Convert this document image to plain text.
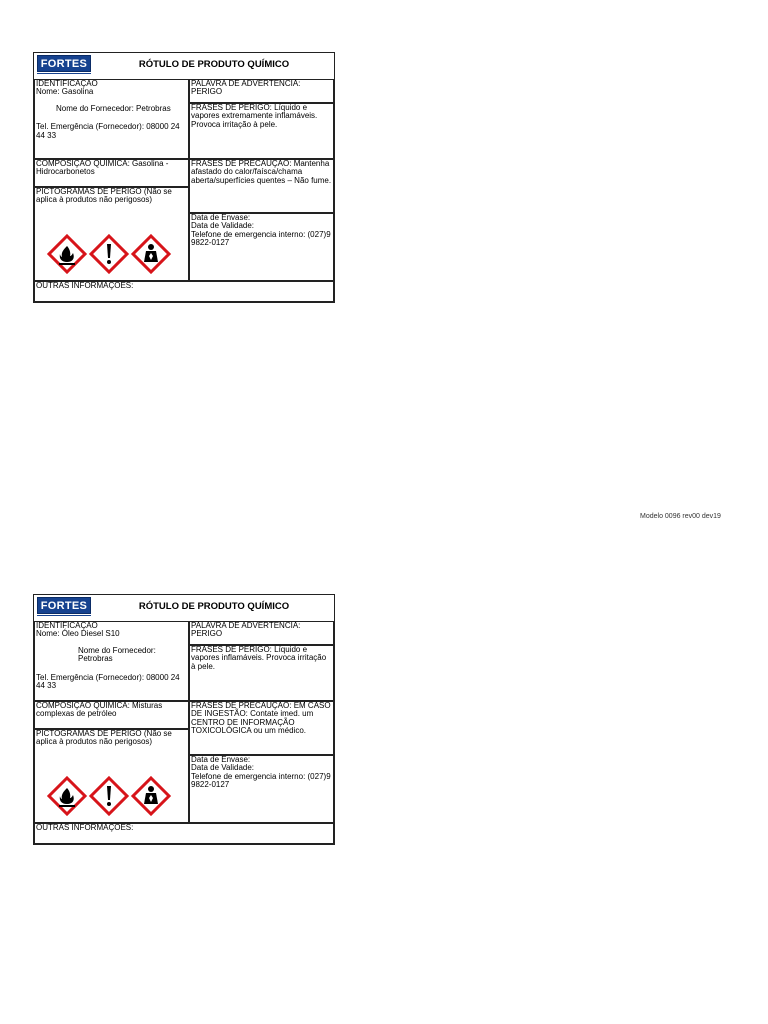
FORTES	RÓTULO DE PRODUTO QUÍMICO
IDENTIFICAÇÃO
Nome: Gasolina
Nome do Fornecedor: Petrobras
Tel. Emergência (Fornecedor): 08000 24 44 33
PALAVRA DE ADVERTÊNCIA: PERIGO
FRASES DE PERIGO: Líquido e vapores extremamente inflamáveis. Provoca irritação à pele.
COMPOSIÇÃO QUÍMICA: Gasolina - Hidrocarbonetos
FRASES DE PRECAUÇÃO: Mantenha afastado do calor/faísca/chama aberta/superfícies quentes – Não fume.
PICTOGRAMAS DE PERIGO (Não se aplica à produtos não perigosos)
Data de Envase:
Data de Validade:
Telefone de emergencia interno: (027)9 9822-0127
OUTRAS INFORMAÇOES:
Modelo 0096 rev00 dev19
FORTES	RÓTULO DE PRODUTO QUÍMICO
IDENTIFICAÇÃO
Nome: Óleo Diesel S10
Nome do Fornecedor: Petrobras
Tel. Emergência (Fornecedor): 08000 24 44 33
PALAVRA DE ADVERTÊNCIA: PERIGO
FRASES DE PERIGO: Líquido e vapores inflamáveis. Provoca irritação à pele.
COMPOSIÇÃO QUÍMICA: Misturas complexas de petróleo
FRASES DE PRECAUÇÃO: EM CASO DE INGESTÃO: Contate imed. um CENTRO DE INFORMAÇÃO TOXICOLÓGICA ou um médico.
PICTOGRAMAS DE PERIGO (Não se aplica à produtos não perigosos)
Data de Envase:
Data de Validade:
Telefone de emergencia interno: (027)9 9822-0127
OUTRAS INFORMAÇOES:
